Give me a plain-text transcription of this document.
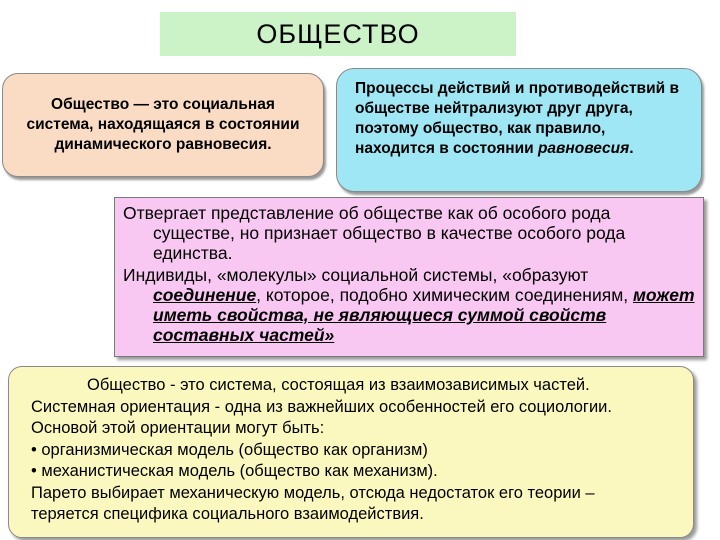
ОБЩЕСТВО
Общество — это социальная система, находящаяся в состоянии динамического равновесия.
Процессы действий и противодействий в обществе нейтрализуют друг друга, поэтому общество, как правило, находится в состоянии равновесия.

Отвергает представление об обществе как об особого рода существе, но признает общество в качестве особого рода единства.

Индивиды, «молекулы» социальной системы, «образуют соединение, которое, подобно химическим соединениям, может иметь свойства, не являющиеся суммой свойств составных частей»

Общество - это система, состоящая из взаимозависимых частей.
Системная ориентация - одна из важнейших особенностей его социологии.
Основой этой ориентации могут быть:
• организмическая модель (общество как организм)
• механистическая модель (общество как механизм).
Парето выбирает механическую модель, отсюда недостаток его теории –
теряется специфика социального взаимодействия.
